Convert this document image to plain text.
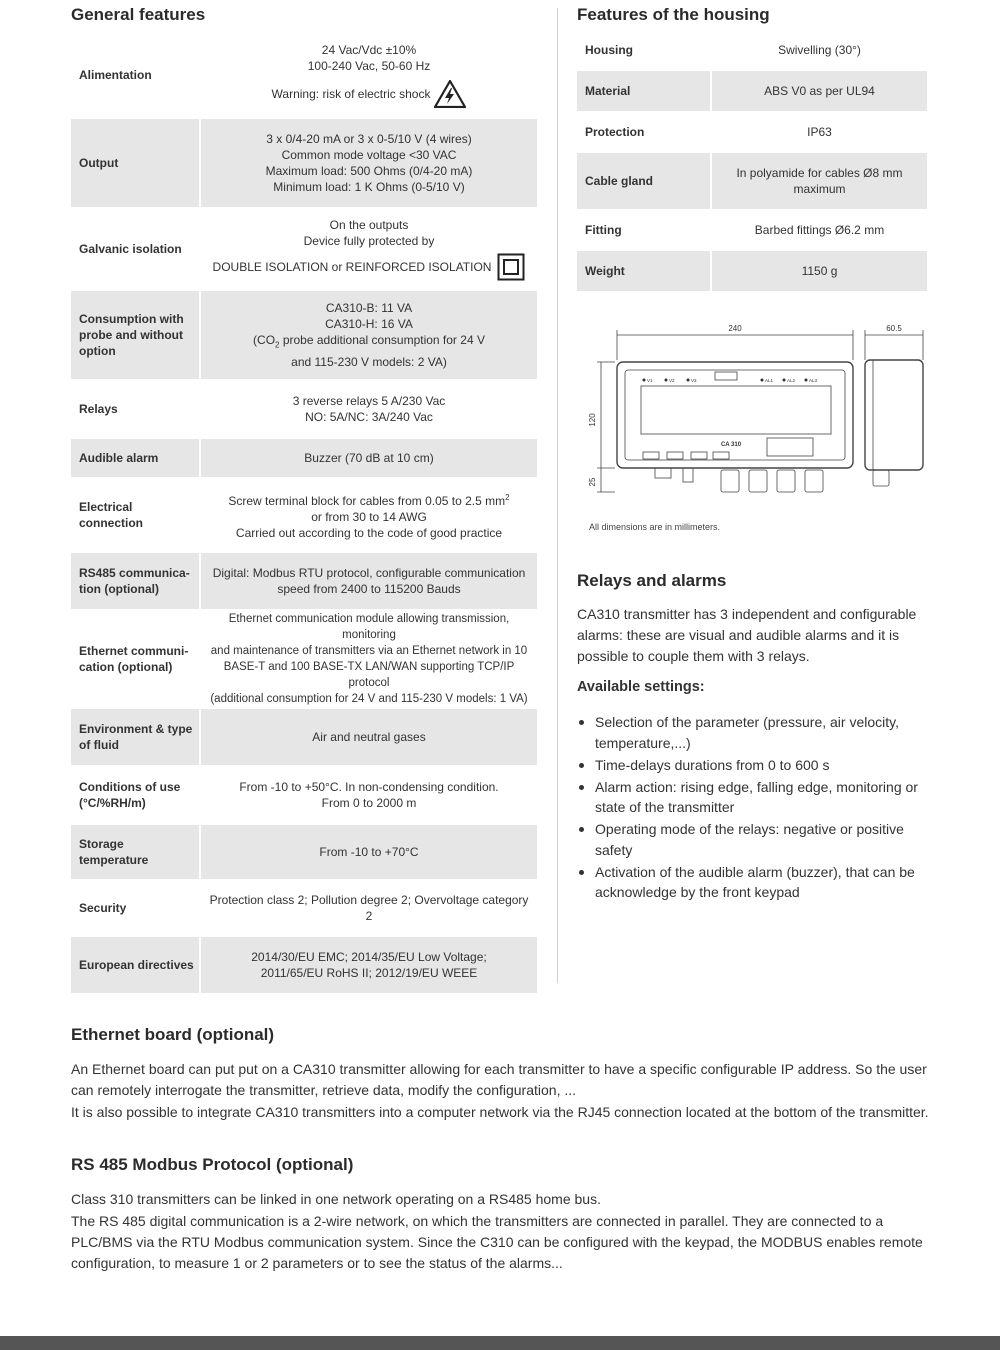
General features
Alimentation	24 Vac/Vdc ±10%
100-240 Vac, 50-60 Hz
Warning: risk of electric shock

Output	3 x 0/4-20 mA or 3 x 0-5/10 V (4 wires)
Common mode voltage <30 VAC
Maximum load: 500 Ohms (0/4-20 mA)
Minimum load: 1 K Ohms (0-5/10 V)

Galvanic isolation	On the outputs
Device fully protected by
DOUBLE ISOLATION or REINFORCED ISOLATION

Consumption with probe and without option	CA310-B: 11 VA
CA310-H: 16 VA
($CO_2$ probe additional consumption for 24 V
and 115-230 V models: 2 VA)

Relays	3 reverse relays 5 A/230 Vac
NO: 5A/NC: 3A/240 Vac

Audible alarm	Buzzer (70 dB at 10 cm)

Electrical connection	Screw terminal block for cables from 0.05 to 2.5 $mm^2$
or from 30 to 14 AWG
Carried out according to the code of good practice

RS485 communica-tion (optional)	Digital: Modbus RTU protocol, configurable communication
speed from 2400 to 115200 Bauds

Ethernet communi-cation (optional)	Ethernet communication module allowing transmission, monitoring
and maintenance of transmitters via an Ethernet network in 10
BASE-T and 100 BASE-TX LAN/WAN supporting TCP/IP protocol
(additional consumption for 24 V and 115-230 V models: 1 VA)

Environment & type of fluid	Air and neutral gases

Conditions of use (°C/%RH/m)	From -10 to +50°C. In non-condensing condition.
From 0 to 2000 m

Storage temperature	From -10 to +70°C

Security	Protection class 2; Pollution degree 2; Overvoltage category 2

European directives	2014/30/EU EMC; 2014/35/EU Low Voltage;
2011/65/EU RoHS II; 2012/19/EU WEEE
Features of the housing
Housing	Swivelling (30°)
Material	ABS V0 as per UL94
Protection	IP63
Cable gland	In polyamide for cables Ø8 mm maximum
Fitting	Barbed fittings Ø6.2 mm
Weight	1150 g
240	60.5
120
25
CA 310
V1	V2	V3	AL1	AL2	AL3
All dimensions are in millimeters.
Relays and alarms
CA310 transmitter has 3 independent and configurable alarms: these are visual and audible alarms and it is possible to couple them with 3 relays.
Available settings:
Selection of the parameter (pressure, air velocity, temperature,...)
Time-delays durations from 0 to 600 s
Alarm action: rising edge, falling edge, monitoring or state of the transmitter
Operating mode of the relays: negative or positive safety
Activation of the audible alarm (buzzer), that can be acknowledge by the front keypad
Ethernet board (optional)
An Ethernet board can put put on a CA310 transmitter allowing for each transmitter to have a specific configurable IP address. So the user can remotely interrogate the transmitter, retrieve data, modify the configuration, ...
It is also possible to integrate CA310 transmitters into a computer network via the RJ45 connection located at the bottom of the transmitter.
RS 485 Modbus Protocol (optional)
Class 310 transmitters can be linked in one network operating on a RS485 home bus.
The RS 485 digital communication is a 2-wire network, on which the transmitters are connected in parallel. They are connected to a PLC/BMS via the RTU Modbus communication system. Since the C310 can be configured with the keypad, the MODBUS enables remote configuration, to measure 1 or 2 parameters or to see the status of the alarms...
